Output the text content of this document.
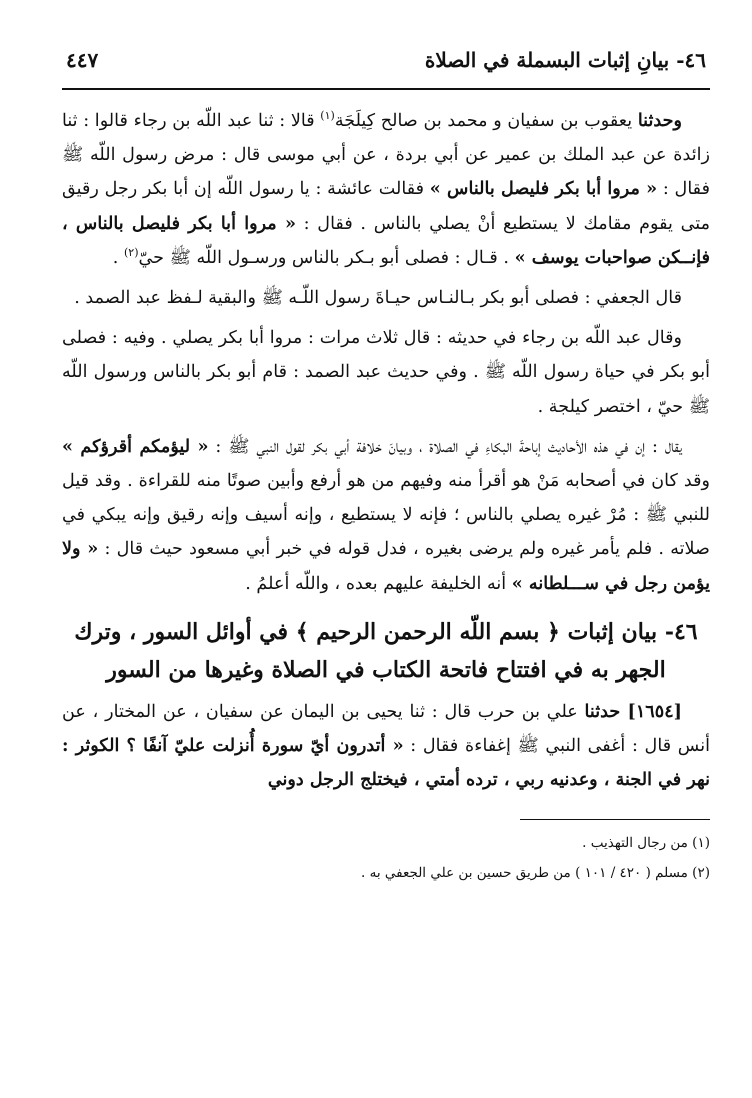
٤٦- بيانِ إثبات البسملة في الصلاة
٤٤٧

وحدثنا يعقوب بن سفيان و محمد بن صالح كِيلَجَة$^{(١)}$ قالا : ثنا عبد اللّه بن رجاء قالوا : ثنا زائدة عن عبد الملك بن عمير عن أبي بردة ، عن أبي موسى قال : مرض رسول اللّه ﷺ فقال : « مروا أبا بكر فليصل بالناس » فقالت عائشة : يا رسول اللّه إن أبا بكر رجل رقيق متى يقوم مقامك لا يستطيع أنْ يصلي بالناس . فقال : « مروا أبا بكر فليصل بالناس ، فإنــكن صواحبات يوسف » . قـال : فصلى أبو بـكر بالناس ورسـول اللّه ﷺ حيّ$^{(٢)}$ .

قال الجعفي : فصلى أبو بكر بـالنـاس حيـاةَ رسول اللّـه ﷺ والبقية لـفظ عبد الصمد .

وقال عبد اللّه بن رجاء في حديثه : قال ثلاث مرات : مروا أبا بكر يصلي . وفيه : فصلى أبو بكر في حياة رسول اللّه ﷺ . وفي حديث عبد الصمد : قام أبو بكر بالناس ورسول اللّه ﷺ حيّ ، اختصر كيلجة .

يقال : إن في هذه الأحاديث إباحةَ البكاءِ في الصلاة ، وبيانَ خلافة أبي بكر لقول النبي ﷺ : « ليؤمكم أقرؤكم » وقد كان في أصحابه مَنْ هو أقرأ منه وفيهم من هو أرفع وأبين صوتًا منه للقراءة . وقد قيل للنبي ﷺ : مُرْ غيره يصلي بالناس ؛ فإنه لا يستطيع ، وإنه أسيف وإنه رقيق وإنه يبكي في صلاته . فلم يأمر غيره ولم يرضى بغيره ، فدل قوله في خبر أبي مسعود حيث قال : « ولا يؤمن رجل في ســـلطانه » أنه الخليفة عليهم بعده ، واللّه أعلمُ .

٤٦- بيان إثبات ﴿ بسم اللّه الرحمن الرحيم ﴾ في أوائل السور ، وترك الجهر به في افتتاح فاتحة الكتاب في الصلاة وغيرها من السور

[١٦٥٤] حدثنا علي بن حرب قال : ثنا يحيى بن اليمان عن سفيان ، عن المختار ، عن أنس قال : أغفى النبي ﷺ إغفاءة فقال : « أتدرون أيّ سورة أُنزلت عليّ آنفًا ؟ الكوثر : نهر في الجنة ، وعدنيه ربي ، ترده أمتي ، فيختلج الرجل دوني

(١) من رجال التهذيب .

(٢) مسلم ( ٤٢٠ / ١٠١ ) من طريق حسين بن علي الجعفي به .
